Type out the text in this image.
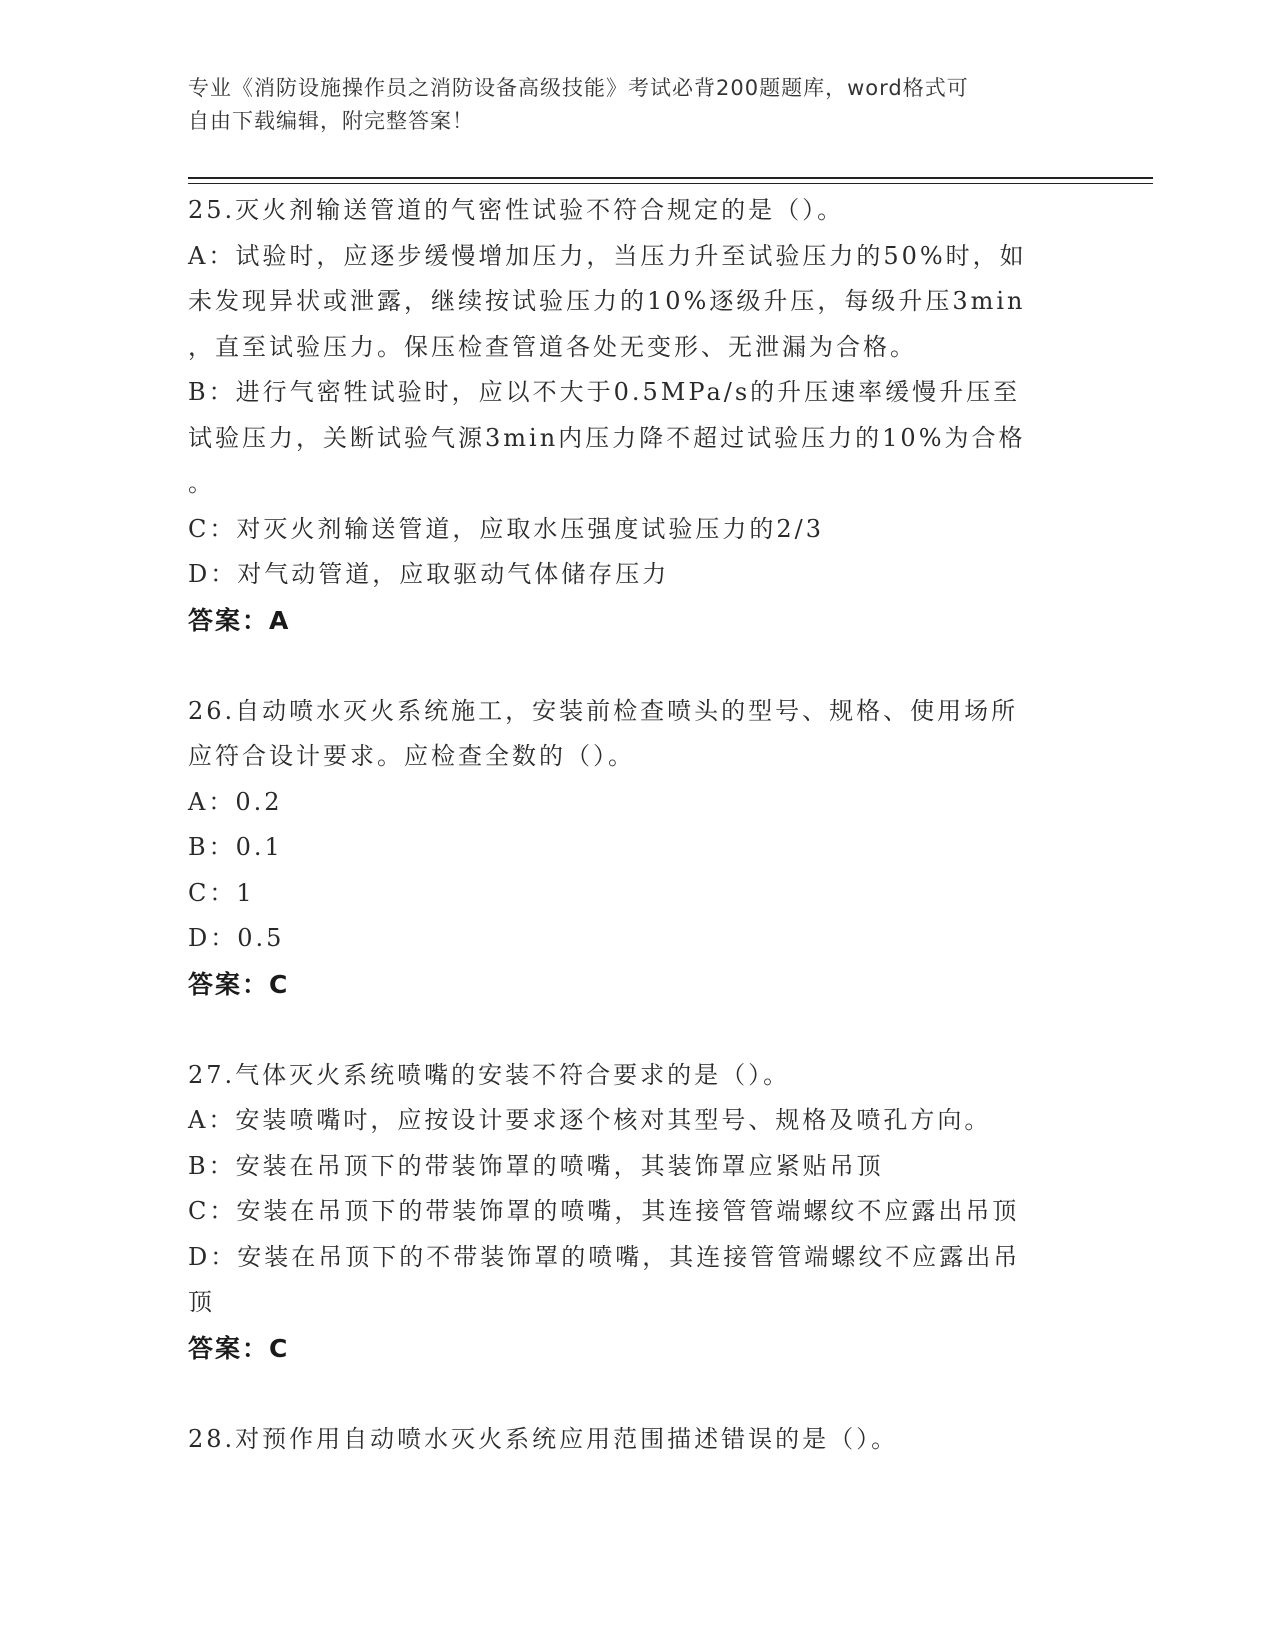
专业《消防设施操作员之消防设备高级技能》考试必背200题题库，word格式可
自由下载编辑，附完整答案！
25.灭火剂输送管道的气密性试验不符合规定的是（）。
A：试验时，应逐步缓慢增加压力，当压力升至试验压力的50%时，如
未发现异状或泄露，继续按试验压力的10%逐级升压，每级升压3min
，直至试验压力。保压检查管道各处无变形、无泄漏为合格。
B：进行气密牲试验时，应以不大于0.5MPa/s的升压速率缓慢升压至
试验压力，关断试验气源3min内压力降不超过试验压力的10%为合格
。
C：对灭火剂输送管道，应取水压强度试验压力的2/3
D：对气动管道，应取驱动气体储存压力
答案：A
26.自动喷水灭火系统施工，安装前检查喷头的型号、规格、使用场所
应符合设计要求。应检查全数的（）。
A：0.2
B：0.1
C：1
D：0.5
答案：C
27.气体灭火系统喷嘴的安装不符合要求的是（）。
A：安装喷嘴吋，应按设计要求逐个核对其型号、规格及喷孔方向。
B：安装在吊顶下的带装饰罩的喷嘴，其装饰罩应紧贴吊顶
C：安装在吊顶下的带装饰罩的喷嘴，其连接管管端螺纹不应露出吊顶
D：安装在吊顶下的不带装饰罩的喷嘴，其连接管管端螺纹不应露出吊
顶
答案：C
28.对预作用自动喷水灭火系统应用范围描述错误的是（）。
